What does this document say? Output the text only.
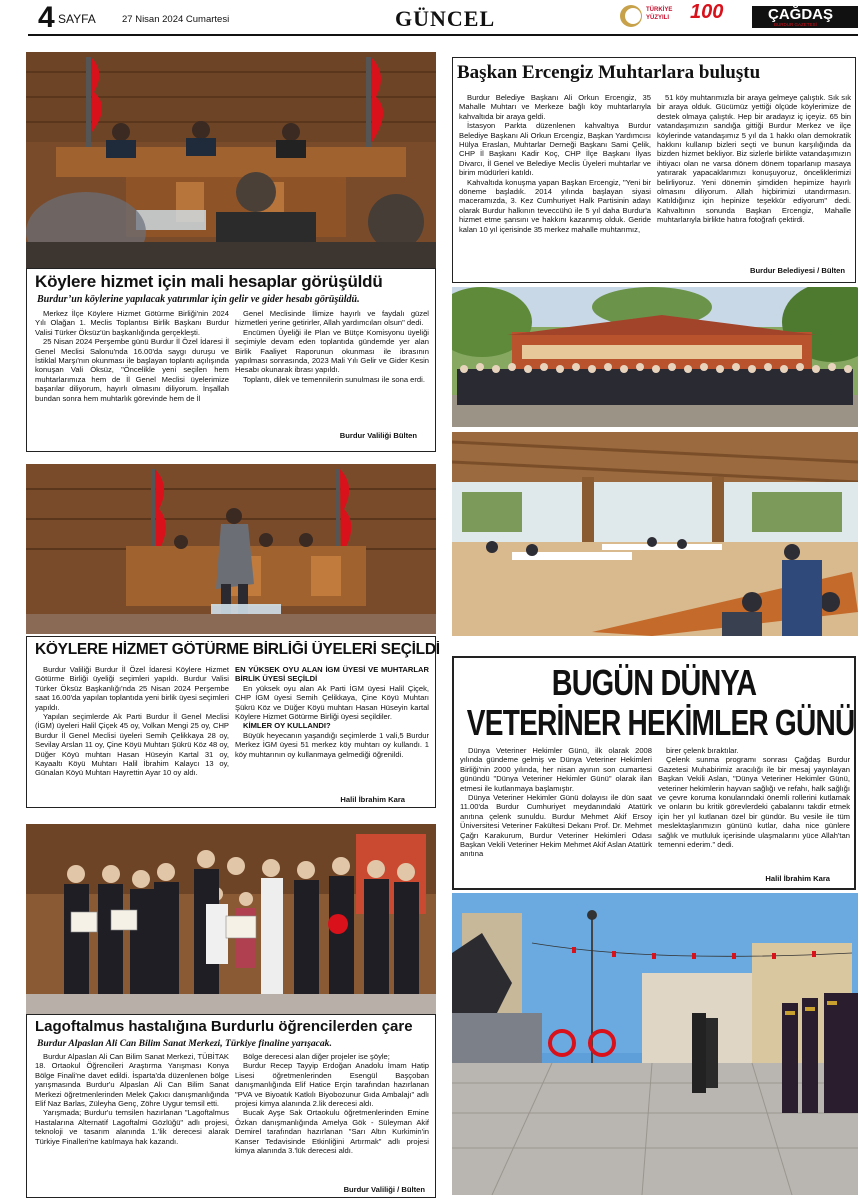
4 SAYFA	27 Nisan 2024 Cumartesi	GÜNCEL	TÜRKİYE
YÜZYILI 100	ÇAĞDAŞ
BURDUR GAZETESİ
Köylere hizmet için mali hesaplar görüşüldü
Burdur’un köylerine yapılacak yatırımlar için gelir ve gider hesabı görüşüldü.

Merkez İlçe Köylere Hizmet Götürme Birliği'nin 2024 Yılı Olağan 1. Meclis Toplantısı Birlik Başkanı Burdur Valisi Türker Öksüz'ün başkanlığında gerçekleşti.

25 Nisan 2024 Perşembe günü Burdur İl Özel İdaresi İl Genel Meclisi Salonu'nda 16.00'da saygı duruşu ve İstiklal Marşı'nın okunması ile başlayan toplantı açılışında konuşan Vali Öksüz, "Öncelikle yeni seçilen hem muhtarlarımıza hem de İl Genel Meclisi üyelerimize başarılar diliyorum, hayırlı olmasını diliyorum. İnşallah bundan sonra hem muhtarlık görevinde hem de İl

Genel Meclisinde İlimize hayırlı ve faydalı güzel hizmetleri yerine getirirler, Allah yardımcıları olsun" dedi.

Encümen Üyeliği ile Plan ve Bütçe Komisyonu üyeliği seçimiyle devam eden toplantıda gündemde yer alan Birlik Faaliyet Raporunun okunması ile ibrasının yapılması sonrasında, 2023 Mali Yılı Gelir ve Gider Kesin Hesabı okunarak ibrası yapıldı.

Toplantı, dilek ve temennilerin sunulması ile sona erdi.

Burdur Valiliği Bülten
Başkan Ercengiz Muhtarlara buluştu

Burdur Belediye Başkanı Ali Orkun Ercengiz, 35 Mahalle Muhtarı ve Merkeze bağlı köy muhtarlarıyla kahvaltıda bir araya geldi.

İstasyon Parkta düzenlenen kahvaltıya Burdur Belediye Başkanı Ali Orkun Ercengiz, Başkan Yardımcısı Hülya Eraslan, Muhtarlar Derneği Başkanı Sami Çelik, CHP İl Başkanı Kadir Koç, CHP İlçe Başkanı İlyas Divarcı, İl Genel ve Belediye Meclis Üyeleri muhtarlar ve birim müdürleri katıldı.

Kahvaltıda konuşma yapan Başkan Ercengiz, "Yeni bir döneme başladık. 2014 yılında başlayan siyasi maceramızda, 3. Kez Cumhuriyet Halk Partisinin adayı olarak Burdur halkının teveccühü ile 5 yıl daha Burdur'a hizmet etme şansını ve hakkını kazanmış olduk. Geride kalan 10 yıl içerisinde 35 merkez mahalle muhtarımız,

51 köy muhtarımızla bir araya gelmeye çalıştık. Sık sık bir araya olduk. Gücümüz yettiği ölçüde köylerimize de destek olmaya çalıştık. Hep bir aradayız iç içeyiz. 65 bin vatandaşımızın sandığa gittiği Burdur Merkez ve ilçe köylerinde vatandaşımız 5 yıl da 1 hakkı olan demokratik hakkını kullanıp bizleri seçti ve bunun karşılığında da bizden hizmet bekliyor. Biz sizlerle birlikte vatandaşımızın ihtiyacı olan ne varsa dönem dönem toparlanıp masaya yatırarak yapacaklarımızı konuşuyoruz, önceliklerimizi belirliyoruz. Yeni dönemin şimdiden hepimize hayırlı olmasını diliyorum. Allah hiçbirimizi utandırmasın. Katıldığınız için hepinize teşekkür ediyorum" dedi. Kahvaltının sonunda Başkan Ercengiz, Mahalle muhtarlarıyla birlikte hatıra fotoğrafı çektirdi.

Burdur Belediyesi / Bülten
KÖYLERE HİZMET GÖTÜRME BİRLİĞİ ÜYELERİ SEÇİLDİ

Burdur Valiliği Burdur İl Özel İdaresi Köylere Hizmet Götürme Birliği üyeliği seçimleri yapıldı. Burdur Valisi Türker Öksüz Başkanlığı'nda 25 Nisan 2024 Perşembe saat 16.00'da yapılan toplantıda yeni birlik üyesi seçimleri yapıldı.

Yapılan seçimlerde Ak Parti Burdur İl Genel Meclisi (İGM) üyeleri Halil Çiçek 45 oy, Volkan Mengi 25 oy, CHP Burdur İl Genel Meclisi üyeleri Semih Çelikkaya 28 oy, Sevilay Arslan 11 oy, Çine Köyü Muhtarı Şükrü Köz 48 oy, Düğer Köyü muhtarı Hasan Hüseyin Kartal 31 oy, Kayaaltı Köyü Muhtarı Halil İbrahim Kalaycı 13 oy, Günalan Köyü Muhtarı Hayrettin Ayar 10 oy aldı.

EN YÜKSEK OYU ALAN İGM ÜYESİ VE MUHTARLAR BİRLİK ÜYESİ SEÇİLDİ

En yüksek oyu alan Ak Parti İGM üyesi Halil Çiçek, CHP İGM üyesi Semih Çelikkaya, Çine Köyü Muhtarı Şükrü Köz ve Düğer Köyü muhtarı Hasan Hüseyin kartal Köylere Hizmet Götürme Birliği üyesi seçildiler.

KİMLER OY KULLANDI?

Büyük heyecanın yaşandığı seçimlerde 1 vali,5 Burdur Merkez İGM üyesi 51 merkez köy muhtarı oy kullandı. 1 köy muhtarının oy kullanmaya gelmediği öğrenildi.

Halil İbrahim Kara
BUGÜN DÜNYA
VETERİNER HEKİMLER GÜNÜ

Dünya Veteriner Hekimler Günü, ilk olarak 2008 yılında gündeme gelmiş ve Dünya Veteriner Hekimleri Birliği'nin 2000 yılında, her nisan ayının son cumartesi günündü "Dünya Veteriner Hekimler Günü" olarak ilan etmesi ile kutlanmaya başlamıştır.

Dünya Veteriner Hekimler Günü dolayısı ile dün saat 11.00'da Burdur Cumhuriyet meydanındaki Atatürk anıtına çelenk sunuldu. Burdur Mehmet Akif Ersoy Üniversitesi Veteriner Fakültesi Dekanı Prof. Dr. Mehmet Çağrı Karakurum, Burdur Veteriner Hekimleri Odası Başkan Vekili Veteriner Hekim Mehmet Akif Aslan Atatürk anıtına

birer çelenk bıraktılar.

Çelenk sunma programı sonrası Çağdaş Burdur Gazetesi Muhabirimiz aracılığı ile bir mesaj yayınlayan Başkan Vekili Aslan, "Dünya Veteriner Hekimler Günü, veteriner hekimlerin hayvan sağlığı ve refahı, halk sağlığı ve çevre koruma konularındaki önemli rollerini kutlamak ve onların bu kritik görevlerdeki çabalarını takdir etmek için her yıl kutlanan özel bir gündür. Bu vesile ile tüm meslektaşlarımızın gününü kutlar, daha nice günlere sağlık ve mutluluk içerisinde ulaşmalarını yüce Allah'tan temenni ederim." dedi.

Halil İbrahim Kara
Lagoftalmus hastalığına Burdurlu öğrencilerden çare
Burdur Alpaslan Ali Can Bilim Sanat Merkezi, Türkiye finaline yarışacak.

Burdur Alpaslan Ali Can Bilim Sanat Merkezi, TÜBİTAK 18. Ortaokul Öğrencileri Araştırma Yarışması Konya Bölge Finali'ne davet edildi. İsparta'da düzenlenen bölge yarışmasında Burdur'u Alpaslan Ali Can Bilim Sanat Merkezi öğretmenlerinden Melek Çakıcı danışmanlığında Elif Naz Barlas, Züleyha Genç, Zöhre Uygur temsil etti.

Yarışmada; Burdur'u temsilen hazırlanan "Lagoftalmus Hastalarına Alternatif Lagoftalmi Gözlüğü" adlı projesi, teknoloji ve tasarım alanında 1.'lik derecesi alarak Türkiye Finalleri'ne katılmaya hak kazandı.

Bölge derecesi alan diğer projeler ise şöyle;

Burdur Recep Tayyip Erdoğan Anadolu İmam Hatip Lisesi öğretmenlerinden Esengül Başçoban danışmanlığında Elif Hatice Erçin tarafından hazırlanan "PVA ve Biyoatık Katkılı Biyobozunur Gıda Ambalajı" adlı projesi kimya alanında 2.lik derecesi aldı.

Bucak Ayşe Sak Ortaokulu öğretmenlerinden Emine Özkan danışmanlığında Amelya Gök - Süleyman Akif Demirel tarafından hazırlanan "Sarı Altın Kurkimin'in Kanser Tedavisinde Etkinliğini Artırmak" adlı projesi kimya alanında 3.'lük derecesi aldı.

Burdur Valiliği / Bülten
